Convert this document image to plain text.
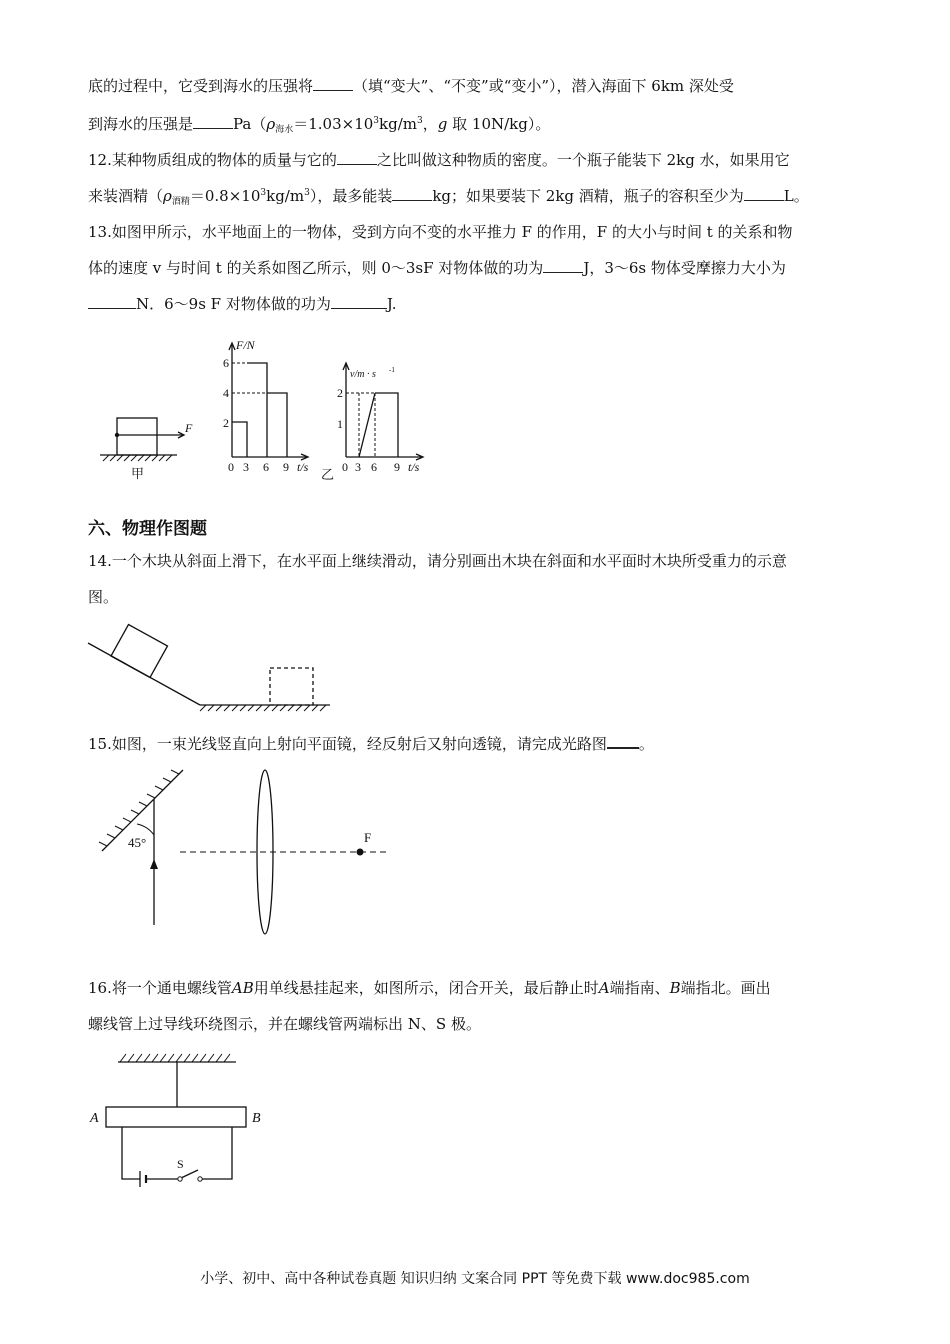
底的过程中，它受到海水的压强将	（填“变大”、“不变”或“变小”），潜入海面下 6km 深处受
到海水的压强是	$Pa(\rho_{海水}=1.03\times 10^3kg/m^3$，g 取 10N/kg）。
12.某种物质组成的物体的质量与它的	之比叫做这种物质的密度。一个瓶子能装下 2kg 水，如果用它
来装酒精$(\rho_{酒精}=0.8\times 10^3kg/m^3)$，最多能装	kg；如果要装下 2kg 酒精，瓶子的容积至少为	L。
13.如图甲所示，水平地面上的一物体，受到方向不变的水平推力 F 的作用，F 的大小与时间 t 的关系和物
体的速度 v 与时间 t 的关系如图乙所示，则 0～3sF 对物体做的功为	J，3～6s 物体受摩擦力大小为
N．6～9s F 对物体做的功为	J.
F
甲
F/N
6
4
2
0 3 6 9 t/s 乙
v/m · s -1
2
1
0 3 6 9 t/s
六、物理作图题
14.一个木块从斜面上滑下，在水平面上继续滑动，请分别画出木块在斜面和水平面时木块所受重力的示意
图。
15.如图，一束光线竖直向上射向平面镜，经反射后又射向透镜，请完成光路图 。
45°	F
16.将一个通电螺线管AB用单线悬挂起来，如图所示，闭合开关，最后静止时A端指南、B端指北。画出
螺线管上过导线环绕图示，并在螺线管两端标出 N、S 极。
A	B
S
小学、初中、高中各种试卷真题 知识归纳 文案合同 PPT 等免费下载 www.doc985.com
